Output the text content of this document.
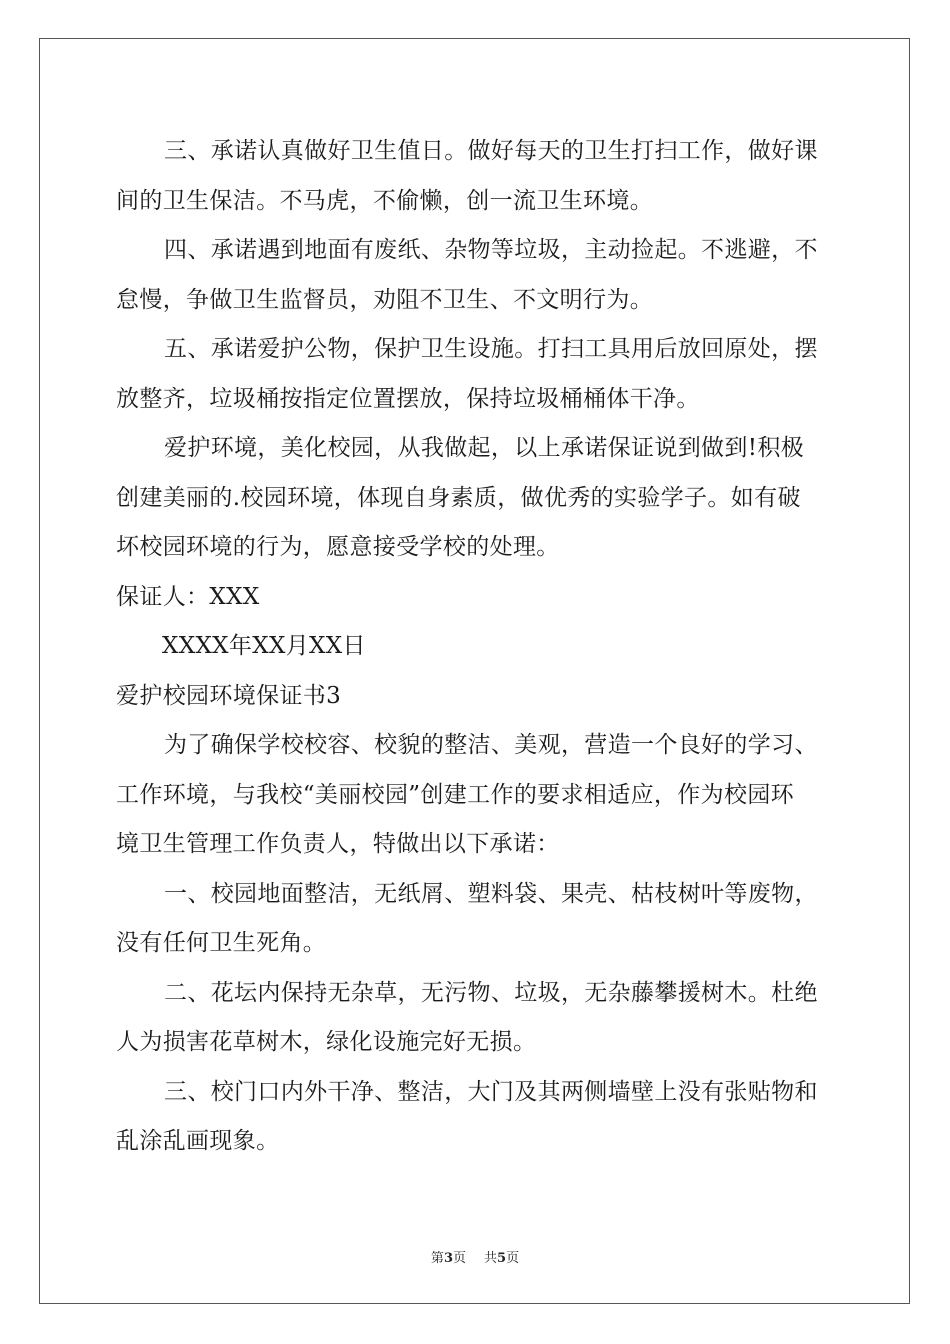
三、承诺认真做好卫生值日。做好每天的卫生打扫工作，做好课
间的卫生保洁。不马虎，不偷懒，创一流卫生环境。
四、承诺遇到地面有废纸、杂物等垃圾，主动捡起。不逃避，不
怠慢，争做卫生监督员，劝阻不卫生、不文明行为。
五、承诺爱护公物，保护卫生设施。打扫工具用后放回原处，摆
放整齐，垃圾桶按指定位置摆放，保持垃圾桶桶体干净。
爱护环境，美化校园，从我做起，以上承诺保证说到做到!积极
创建美丽的.校园环境，体现自身素质，做优秀的实验学子。如有破
坏校园环境的行为，愿意接受学校的处理。
保证人：XXX
XXXX年XX月XX日
爱护校园环境保证书3
为了确保学校校容、校貌的整洁、美观，营造一个良好的学习、
工作环境，与我校“美丽校园”创建工作的要求相适应，作为校园环
境卫生管理工作负责人，特做出以下承诺：
一、校园地面整洁，无纸屑、塑料袋、果壳、枯枝树叶等废物，
没有任何卫生死角。
二、花坛内保持无杂草，无污物、垃圾，无杂藤攀援树木。杜绝
人为损害花草树木，绿化设施完好无损。
三、校门口内外干净、整洁，大门及其两侧墙壁上没有张贴物和
乱涂乱画现象。
第3页 共5页
